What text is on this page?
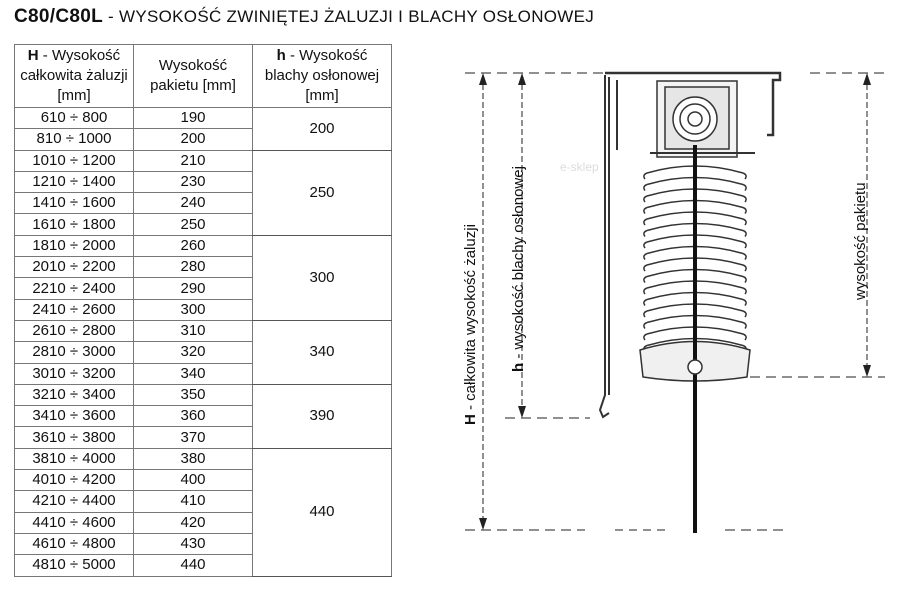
C80/C80L - WYSOKOŚĆ ZWINIĘTEJ ŻALUZJI I BLACHY OSŁONOWEJ
H - Wysokość całkowita żaluzji [mm]	Wysokość pakietu [mm]	h - Wysokość blachy osłonowej [mm]
610 ÷ 800	190	200
810 ÷ 1000	200	
1010 ÷ 1200	210	250
1210 ÷ 1400	230	
1410 ÷ 1600	240	
1610 ÷ 1800	250	
1810 ÷ 2000	260	300
2010 ÷ 2200	280	
2210 ÷ 2400	290	
2410 ÷ 2600	300	
2610 ÷ 2800	310	340
2810 ÷ 3000	320	
3010 ÷ 3200	340	
3210 ÷ 3400	350	390
3410 ÷ 3600	360	
3610 ÷ 3800	370	
3810 ÷ 4000	380	440
4010 ÷ 4200	400	
4210 ÷ 4400	410	
4410 ÷ 4600	420	
4610 ÷ 4800	430	
4810 ÷ 5000	440	
e-sklep
H - całkowita wysokość żaluzji h - wysokość blachy osłonowej	wysokość pakietu
